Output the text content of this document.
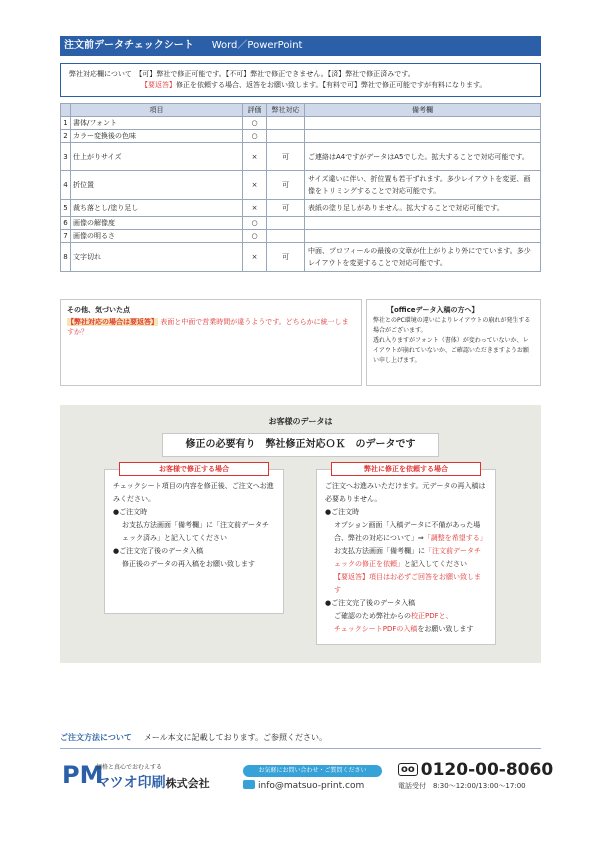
注文前データチェックシート Word／PowerPoint
弊社対応欄について　【可】弊社で修正可能です。【不可】弊社で修正できません。【済】弊社で修正済みです。
【要返答】修正を依頼する場合、返答をお願い致します。【有料で可】弊社で修正可能ですが有料になります。
	項目	評価	弊社対応	備考欄
1	書体/フォント	○		
2	カラー変換後の色味	○		
3	仕上がりサイズ	×	可	ご連絡はA4ですがデータはA5でした。拡大することで対応可能です。
4	折位置	×	可	サイズ違いに伴い、折位置も若干ずれます。多少レイアウトを変更、画像をトリミングすることで対応可能です。
5	裁ち落とし/塗り足し	×	可	表紙の塗り足しがありません。拡大することで対応可能です。
6	画像の解像度	○		
7	画像の明るさ	○		
8	文字切れ	×	可	中面、プロフィールの最後の文章が仕上がりより外にでています。多少レイアウトを変更することで対応可能です。
その他、気づいた点
【弊社対応の場合は要返答】 表面と中面で営業時間が違うようです。どちらかに統一しますか？
【officeデータ入稿の方へ】
弊社とのPC環境の違いによりレイアウトの崩れが発生する場合がございます。
透れ入りますがフォント（書体）が変わっていないか、レイアウトが崩れていないか、ご確認いただきますようお願い申し上げます。
お客様のデータは
修正の必要有り　弊社修正対応ＯＫ　のデータです
お客様で修正する場合
チェックシート項目の内容を修正後、ご注文へお進みください。
●ご注文時
お支払方法画面「備考欄」に「注文前データチェック済み」と記入してください
●ご注文完了後のデータ入稿
修正後のデータの再入稿をお願い致します
弊社に修正を依頼する場合
ご注文へお進みいただけます。元データの再入稿は必要ありません。
●ご注文時
オプション画面「入稿データに不備があった場合、弊社の対応について」⇒「調整を希望する」
お支払方法画面「備考欄」に「注文前データチェックの修正を依頼」と記入してください
【要返答】項目はお必ずご回答をお願い致します
●ご注文完了後のデータ入稿
ご確認のため弊社からの校正PDFと、
チェックシートPDFの入稿をお願い致します
ご注文方法について メール本文に記載しております。ご参照ください。
PM
価格と真心でおむえする
マツオ印刷株式会社
お気軽にお問い合わせ・ご質問ください
info@matsuo-print.com
oo 0120-00-8060
電話受付　8:30～12:00/13:00～17:00
